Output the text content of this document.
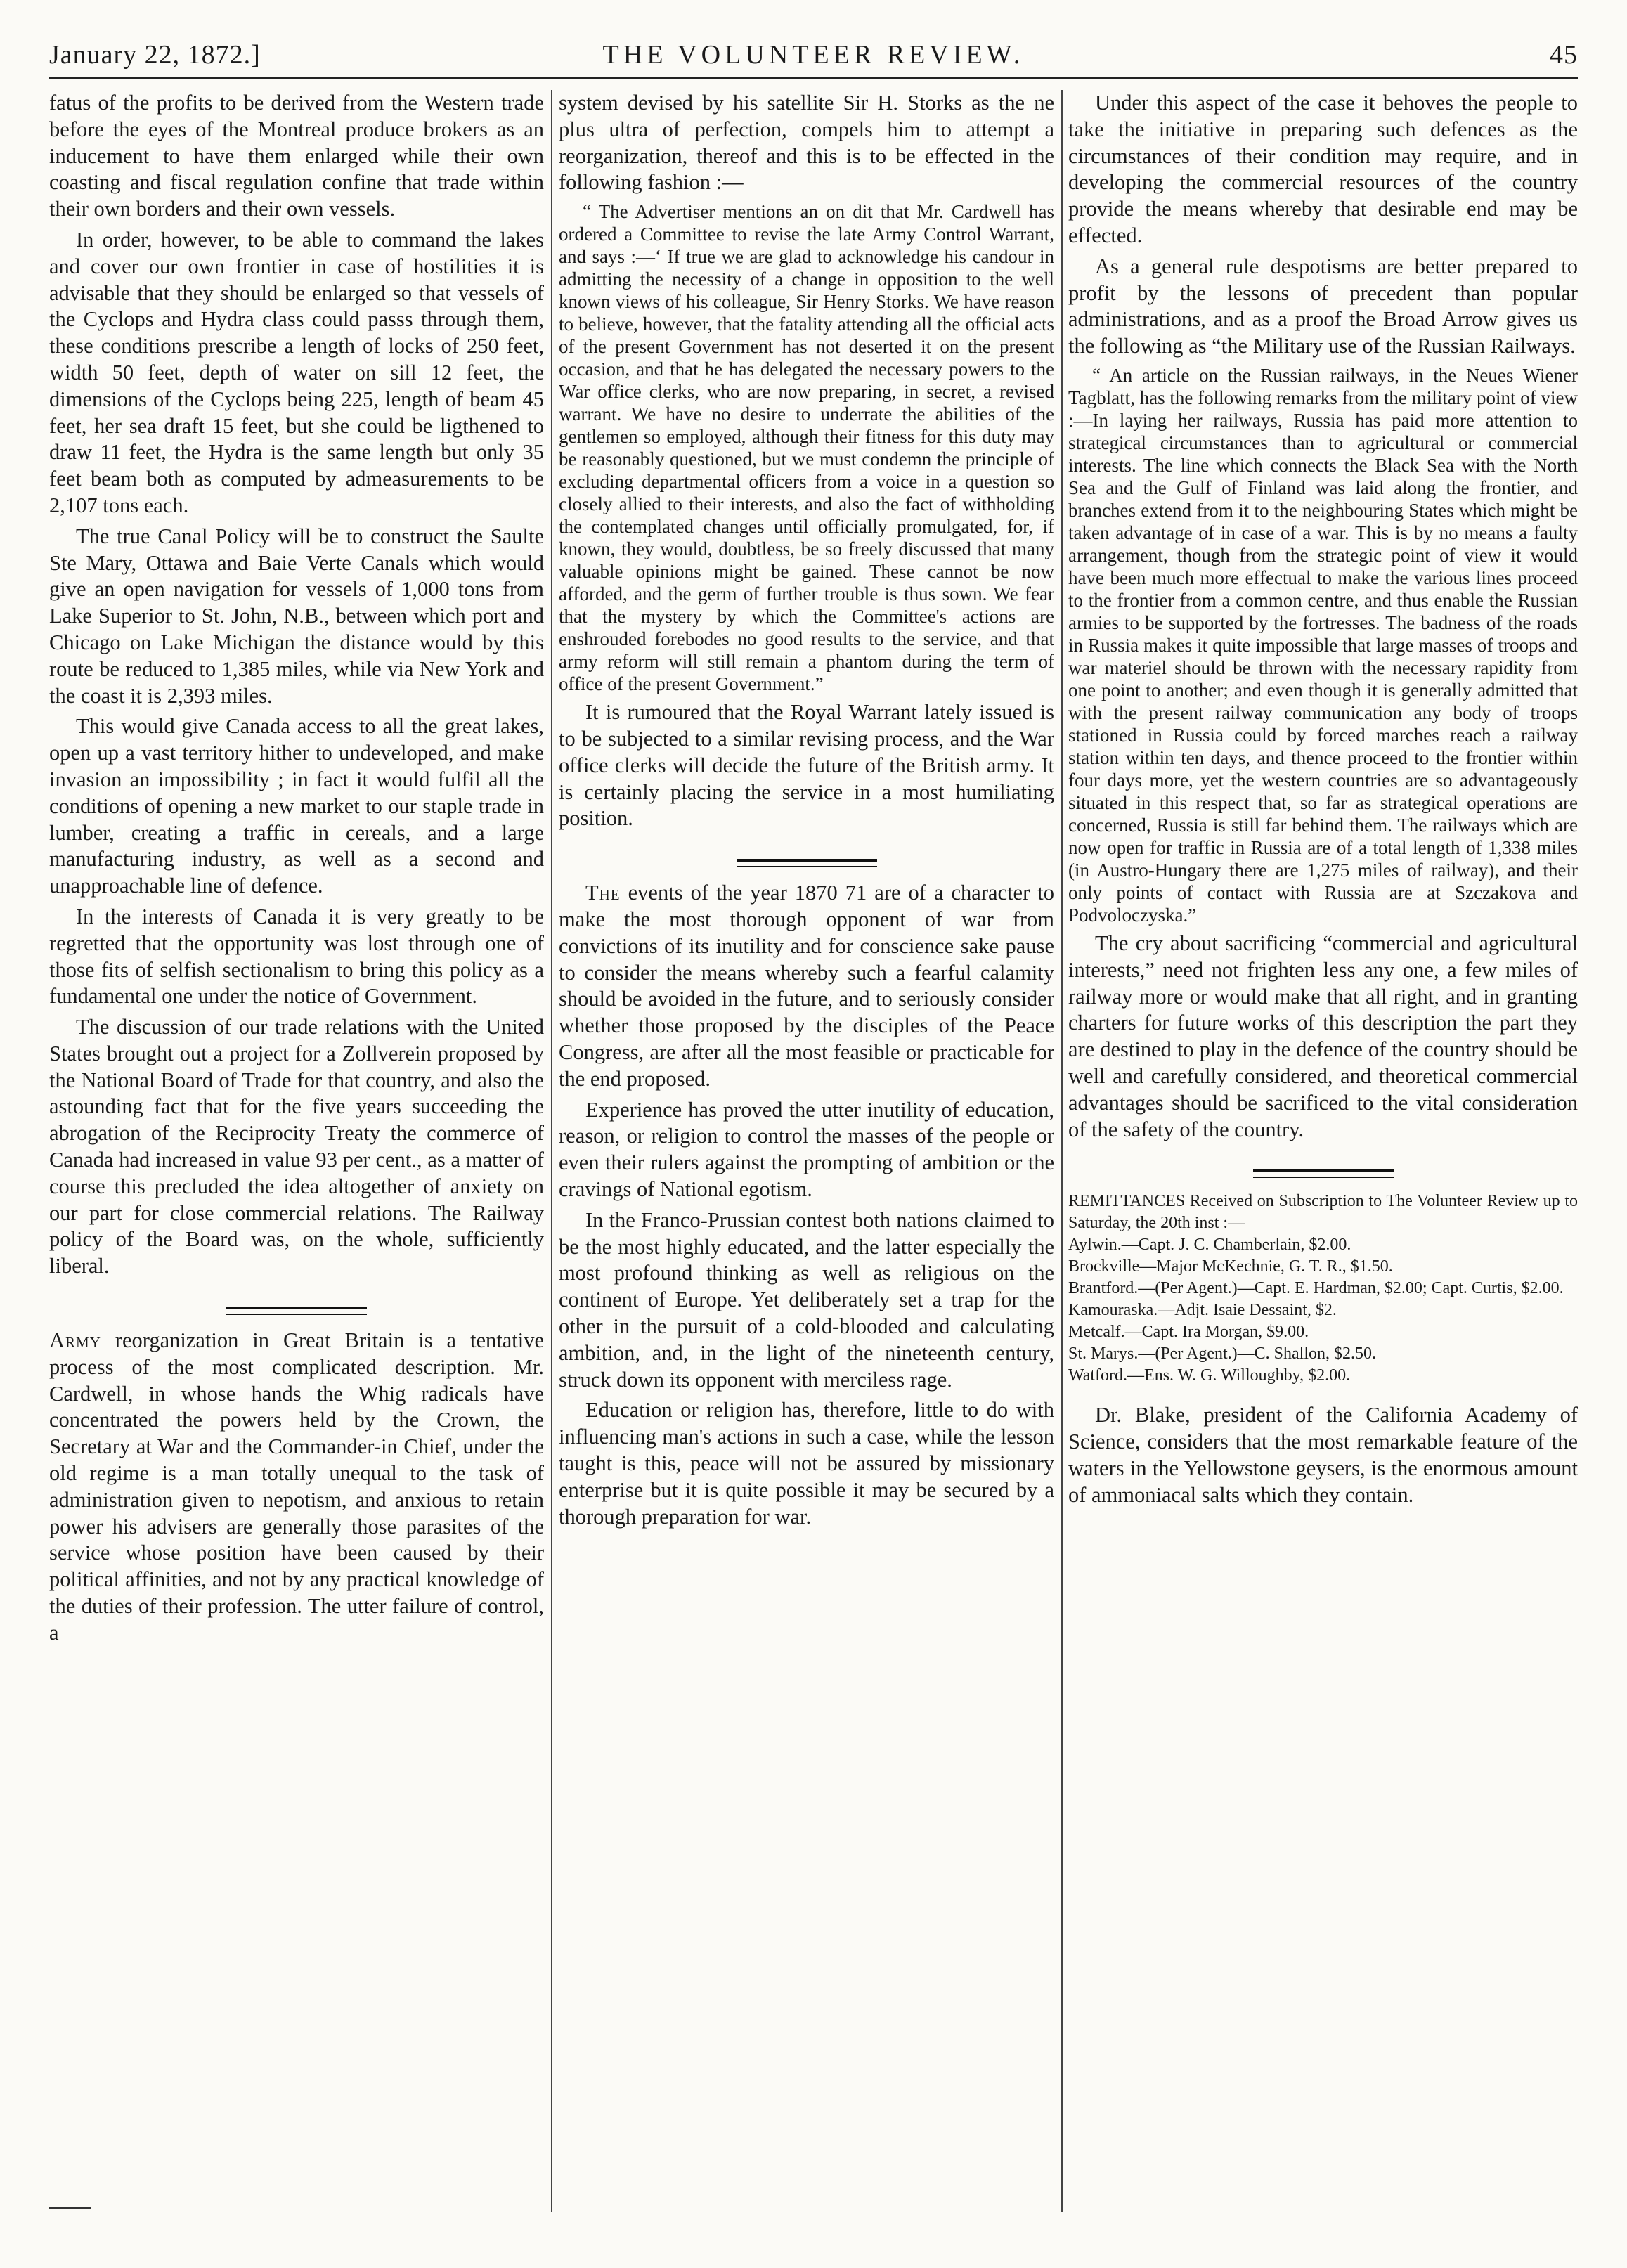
January 22, 1872.]	THE VOLUNTEER REVIEW.	45

fatus of the profits to be derived from the Western trade before the eyes of the Montreal produce brokers as an inducement to have them enlarged while their own coasting and fiscal regulation confine that trade within their own borders and their own vessels.

In order, however, to be able to command the lakes and cover our own frontier in case of hostilities it is advisable that they should be enlarged so that vessels of the Cyclops and Hydra class could passs through them, these conditions prescribe a length of locks of 250 feet, width 50 feet, depth of water on sill 12 feet, the dimensions of the Cyclops being 225, length of beam 45 feet, her sea draft 15 feet, but she could be ligthened to draw 11 feet, the Hydra is the same length but only 35 feet beam both as computed by admeasurements to be 2,107 tons each.

The true Canal Policy will be to construct the Saulte Ste Mary, Ottawa and Baie Verte Canals which would give an open navigation for vessels of 1,000 tons from Lake Superior to St. John, N.B., between which port and Chicago on Lake Michigan the distance would by this route be reduced to 1,385 miles, while via New York and the coast it is 2,393 miles.

This would give Canada access to all the great lakes, open up a vast territory hither to undeveloped, and make invasion an impossibility ; in fact it would fulfil all the conditions of opening a new market to our staple trade in lumber, creating a traffic in cereals, and a large manufacturing industry, as well as a second and unapproachable line of defence.

In the interests of Canada it is very greatly to be regretted that the opportunity was lost through one of those fits of selfish sectionalism to bring this policy as a fundamental one under the notice of Government.

The discussion of our trade relations with the United States brought out a project for a Zollverein proposed by the National Board of Trade for that country, and also the astounding fact that for the five years succeeding the abrogation of the Reciprocity Treaty the commerce of Canada had increased in value 93 per cent., as a matter of course this precluded the idea altogether of anxiety on our part for close commercial relations. The Railway policy of the Board was, on the whole, sufficiently liberal.

Army reorganization in Great Britain is a tentative process of the most complicated description. Mr. Cardwell, in whose hands the Whig radicals have concentrated the powers held by the Crown, the Secretary at War and the Commander-in Chief, under the old regime is a man totally unequal to the task of administration given to nepotism, and anxious to retain power his advisers are generally those parasites of the service whose position have been caused by their political affinities, and not by any practical knowledge of the duties of their profession. The utter failure of control, a

system devised by his satellite Sir H. Storks as the ne plus ultra of perfection, compels him to attempt a reorganization, thereof and this is to be effected in the following fashion :—

“ The Advertiser mentions an on dit that Mr. Cardwell has ordered a Committee to revise the late Army Control Warrant, and says :—‘ If true we are glad to acknowledge his candour in admitting the necessity of a change in opposition to the well known views of his colleague, Sir Henry Storks. We have reason to believe, however, that the fatality attending all the official acts of the present Government has not deserted it on the present occasion, and that he has delegated the necessary powers to the War office clerks, who are now preparing, in secret, a revised warrant. We have no desire to underrate the abilities of the gentlemen so employed, although their fitness for this duty may be reasonably questioned, but we must condemn the principle of excluding departmental officers from a voice in a question so closely allied to their interests, and also the fact of withholding the contemplated changes until officially promulgated, for, if known, they would, doubtless, be so freely discussed that many valuable opinions might be gained. These cannot be now afforded, and the germ of further trouble is thus sown. We fear that the mystery by which the Committee's actions are enshrouded forebodes no good results to the service, and that army reform will still remain a phantom during the term of office of the present Government.”

It is rumoured that the Royal Warrant lately issued is to be subjected to a similar revising process, and the War office clerks will decide the future of the British army. It is certainly placing the service in a most humiliating position.

The events of the year 1870 71 are of a character to make the most thorough opponent of war from convictions of its inutility and for conscience sake pause to consider the means whereby such a fearful calamity should be avoided in the future, and to seriously consider whether those proposed by the disciples of the Peace Congress, are after all the most feasible or practicable for the end proposed.

Experience has proved the utter inutility of education, reason, or religion to control the masses of the people or even their rulers against the prompting of ambition or the cravings of National egotism.

In the Franco-Prussian contest both nations claimed to be the most highly educated, and the latter especially the most profound thinking as well as religious on the continent of Europe. Yet deliberately set a trap for the other in the pursuit of a cold-blooded and calculating ambition, and, in the light of the nineteenth century, struck down its opponent with merciless rage.

Education or religion has, therefore, little to do with influencing man's actions in such a case, while the lesson taught is this, peace will not be assured by missionary enterprise but it is quite possible it may be secured by a thorough preparation for war.

Under this aspect of the case it behoves the people to take the initiative in preparing such defences as the circumstances of their condition may require, and in developing the commercial resources of the country provide the means whereby that desirable end may be effected.

As a general rule despotisms are better prepared to profit by the lessons of precedent than popular administrations, and as a proof the Broad Arrow gives us the following as “the Military use of the Russian Railways.

“ An article on the Russian railways, in the Neues Wiener Tagblatt, has the following remarks from the military point of view :—In laying her railways, Russia has paid more attention to strategical circumstances than to agricultural or commercial interests. The line which connects the Black Sea with the North Sea and the Gulf of Finland was laid along the frontier, and branches extend from it to the neighbouring States which might be taken advantage of in case of a war. This is by no means a faulty arrangement, though from the strategic point of view it would have been much more effectual to make the various lines proceed to the frontier from a common centre, and thus enable the Russian armies to be supported by the fortresses. The badness of the roads in Russia makes it quite impossible that large masses of troops and war materiel should be thrown with the necessary rapidity from one point to another; and even though it is generally admitted that with the present railway communication any body of troops stationed in Russia could by forced marches reach a railway station within ten days, and thence proceed to the frontier within four days more, yet the western countries are so advantageously situated in this respect that, so far as strategical operations are concerned, Russia is still far behind them. The railways which are now open for traffic in Russia are of a total length of 1,338 miles (in Austro-Hungary there are 1,275 miles of railway), and their only points of contact with Russia are at Szczakova and Podvoloczyska.”

The cry about sacrificing “commercial and agricultural interests,” need not frighten less any one, a few miles of railway more or would make that all right, and in granting charters for future works of this description the part they are destined to play in the defence of the country should be well and carefully considered, and theoretical commercial advantages should be sacrificed to the vital consideration of the safety of the country.

REMITTANCES Received on Subscription to The Volunteer Review up to Saturday, the 20th inst :—
Aylwin.—Capt. J. C. Chamberlain, $2.00.
Brockville—Major McKechnie, G. T. R., $1.50.
Brantford.—(Per Agent.)—Capt. E. Hardman, $2.00; Capt. Curtis, $2.00.
Kamouraska.—Adjt. Isaie Dessaint, $2.
Metcalf.—Capt. Ira Morgan, $9.00.
St. Marys.—(Per Agent.)—C. Shallon, $2.50.
Watford.—Ens. W. G. Willoughby, $2.00.

Dr. Blake, president of the California Academy of Science, considers that the most remarkable feature of the waters in the Yellowstone geysers, is the enormous amount of ammoniacal salts which they contain.
